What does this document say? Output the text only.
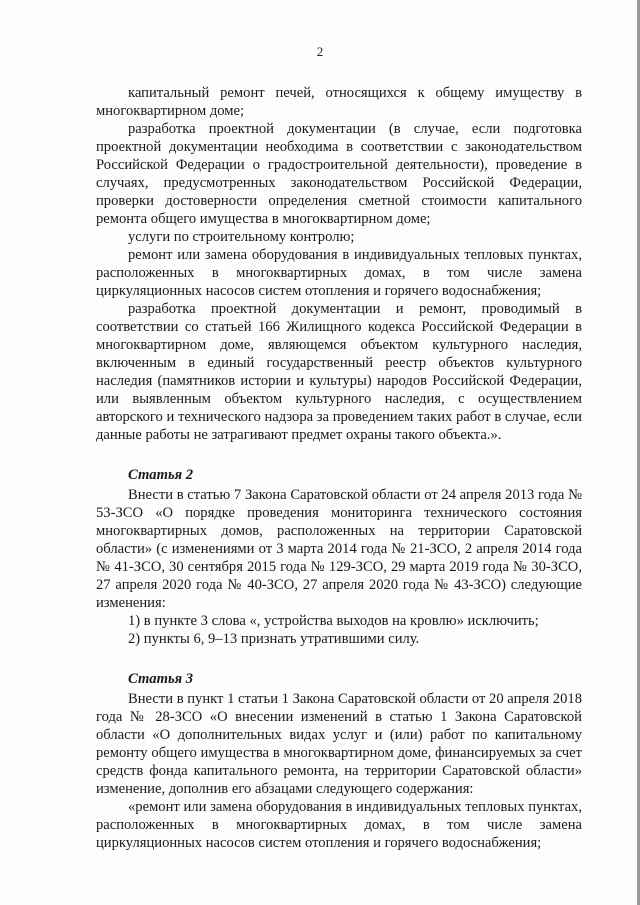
2

капитальный ремонт печей, относящихся к общему имуществу в многоквартирном доме;

разработка проектной документации (в случае, если подготовка проектной документации необходима в соответствии с законодательством Российской Федерации о градостроительной деятельности), проведение в случаях, предусмотренных законодательством Российской Федерации, проверки достоверности определения сметной стоимости капитального ремонта общего имущества в многоквартирном доме;

услуги по строительному контролю;

ремонт или замена оборудования в индивидуальных тепловых пунктах, расположенных в многоквартирных домах, в том числе замена циркуляционных насосов систем отопления и горячего водоснабжения;

разработка проектной документации и ремонт, проводимый в соответствии со статьей 166 Жилищного кодекса Российской Федерации в многоквартирном доме, являющемся объектом культурного наследия, включенным в единый государственный реестр объектов культурного наследия (памятников истории и культуры) народов Российской Федерации, или выявленным объектом культурного наследия, с осуществлением авторского и технического надзора за проведением таких работ в случае, если данные работы не затрагивают предмет охраны такого объекта.».

Статья 2

Внести в статью 7 Закона Саратовской области от 24 апреля 2013 года № 53-ЗСО «О порядке проведения мониторинга технического состояния многоквартирных домов, расположенных на территории Саратовской области» (с изменениями от 3 марта 2014 года № 21-ЗСО, 2 апреля 2014 года № 41-ЗСО, 30 сентября 2015 года № 129-ЗСО, 29 марта 2019 года № 30-ЗСО, 27 апреля 2020 года № 40-ЗСО, 27 апреля 2020 года № 43-ЗСО) следующие изменения:

1) в пункте 3 слова «, устройства выходов на кровлю» исключить;

2) пункты 6, 9–13 признать утратившими силу.

Статья 3

Внести в пункт 1 статьи 1 Закона Саратовской области от 20 апреля 2018 года № 28-ЗСО «О внесении изменений в статью 1 Закона Саратовской области «О дополнительных видах услуг и (или) работ по капитальному ремонту общего имущества в многоквартирном доме, финансируемых за счет средств фонда капитального ремонта, на территории Саратовской области» изменение, дополнив его абзацами следующего содержания:

«ремонт или замена оборудования в индивидуальных тепловых пунктах, расположенных в многоквартирных домах, в том числе замена циркуляционных насосов систем отопления и горячего водоснабжения;
